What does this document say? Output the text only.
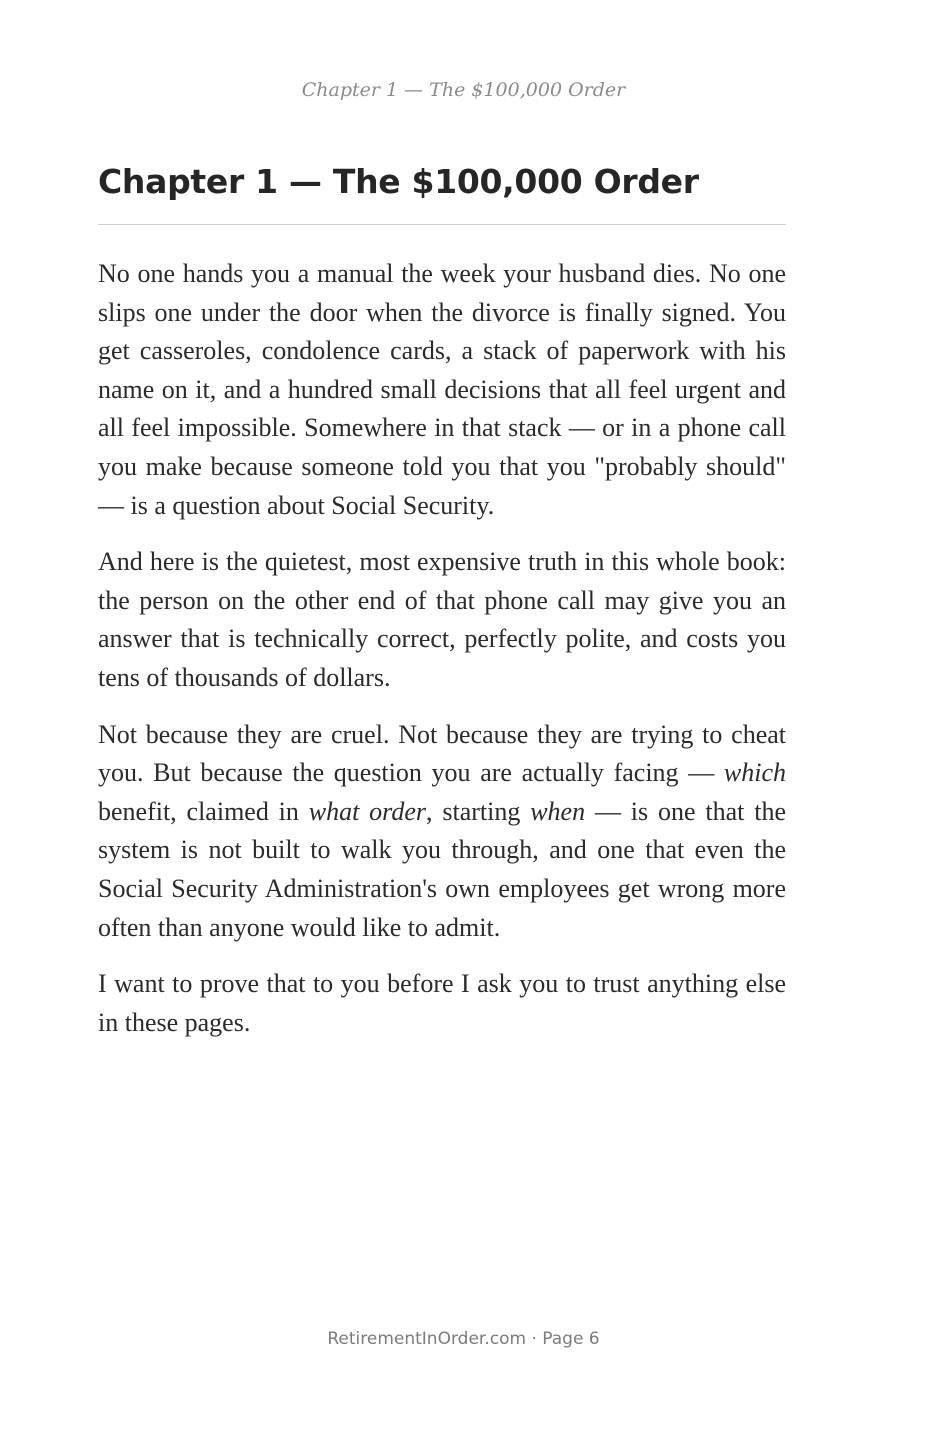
Chapter 1 — The $100,000 Order
Chapter 1 — The $100,000 Order

No one hands you a manual the week your husband dies. No one slips one under the door when the divorce is finally signed. You get casseroles, condolence cards, a stack of paperwork with his name on it, and a hundred small decisions that all feel urgent and all feel impossible. Somewhere in that stack — or in a phone call you make because someone told you that you "probably should" — is a question about Social Security.

And here is the quietest, most expensive truth in this whole book: the person on the other end of that phone call may give you an answer that is technically correct, perfectly polite, and costs you tens of thousands of dollars.

Not because they are cruel. Not because they are trying to cheat you. But because the question you are actually facing — which benefit, claimed in what order, starting when — is one that the system is not built to walk you through, and one that even the Social Security Administration's own employees get wrong more often than anyone would like to admit.

I want to prove that to you before I ask you to trust anything else in these pages.

RetirementInOrder.com · Page 6
